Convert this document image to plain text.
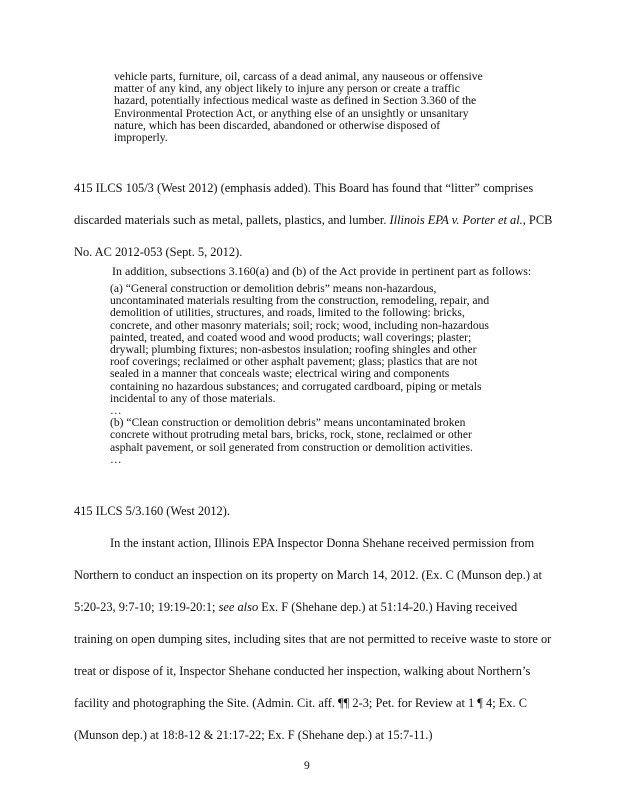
vehicle parts, furniture, oil, carcass of a dead animal, any nauseous or offensive
matter of any kind, any object likely to injure any person or create a traffic
hazard, potentially infectious medical waste as defined in Section 3.360 of the
Environmental Protection Act, or anything else of an unsightly or unsanitary
nature, which has been discarded, abandoned or otherwise disposed of
improperly.
415 ILCS 105/3 (West 2012) (emphasis added). This Board has found that “litter” comprises
discarded materials such as metal, pallets, plastics, and lumber. Illinois EPA v. Porter et al., PCB
No. AC 2012-053 (Sept. 5, 2012).
In addition, subsections 3.160(a) and (b) of the Act provide in pertinent part as follows:
(a) “General construction or demolition debris” means non-hazardous,
uncontaminated materials resulting from the construction, remodeling, repair, and
demolition of utilities, structures, and roads, limited to the following: bricks,
concrete, and other masonry materials; soil; rock; wood, including non-hazardous
painted, treated, and coated wood and wood products; wall coverings; plaster;
drywall; plumbing fixtures; non-asbestos insulation; roofing shingles and other
roof coverings; reclaimed or other asphalt pavement; glass; plastics that are not
sealed in a manner that conceals waste; electrical wiring and components
containing no hazardous substances; and corrugated cardboard, piping or metals
incidental to any of those materials.
…
(b) “Clean construction or demolition debris” means uncontaminated broken
concrete without protruding metal bars, bricks, rock, stone, reclaimed or other
asphalt pavement, or soil generated from construction or demolition activities.
…
415 ILCS 5/3.160 (West 2012).
In the instant action, Illinois EPA Inspector Donna Shehane received permission from
Northern to conduct an inspection on its property on March 14, 2012. (Ex. C (Munson dep.) at
5:20-23, 9:7-10; 19:19-20:1; see also Ex. F (Shehane dep.) at 51:14-20.) Having received
training on open dumping sites, including sites that are not permitted to receive waste to store or
treat or dispose of it, Inspector Shehane conducted her inspection, walking about Northern’s
facility and photographing the Site. (Admin. Cit. aff. ¶¶ 2-3; Pet. for Review at 1 ¶ 4; Ex. C
(Munson dep.) at 18:8-12 & 21:17-22; Ex. F (Shehane dep.) at 15:7-11.)
9
